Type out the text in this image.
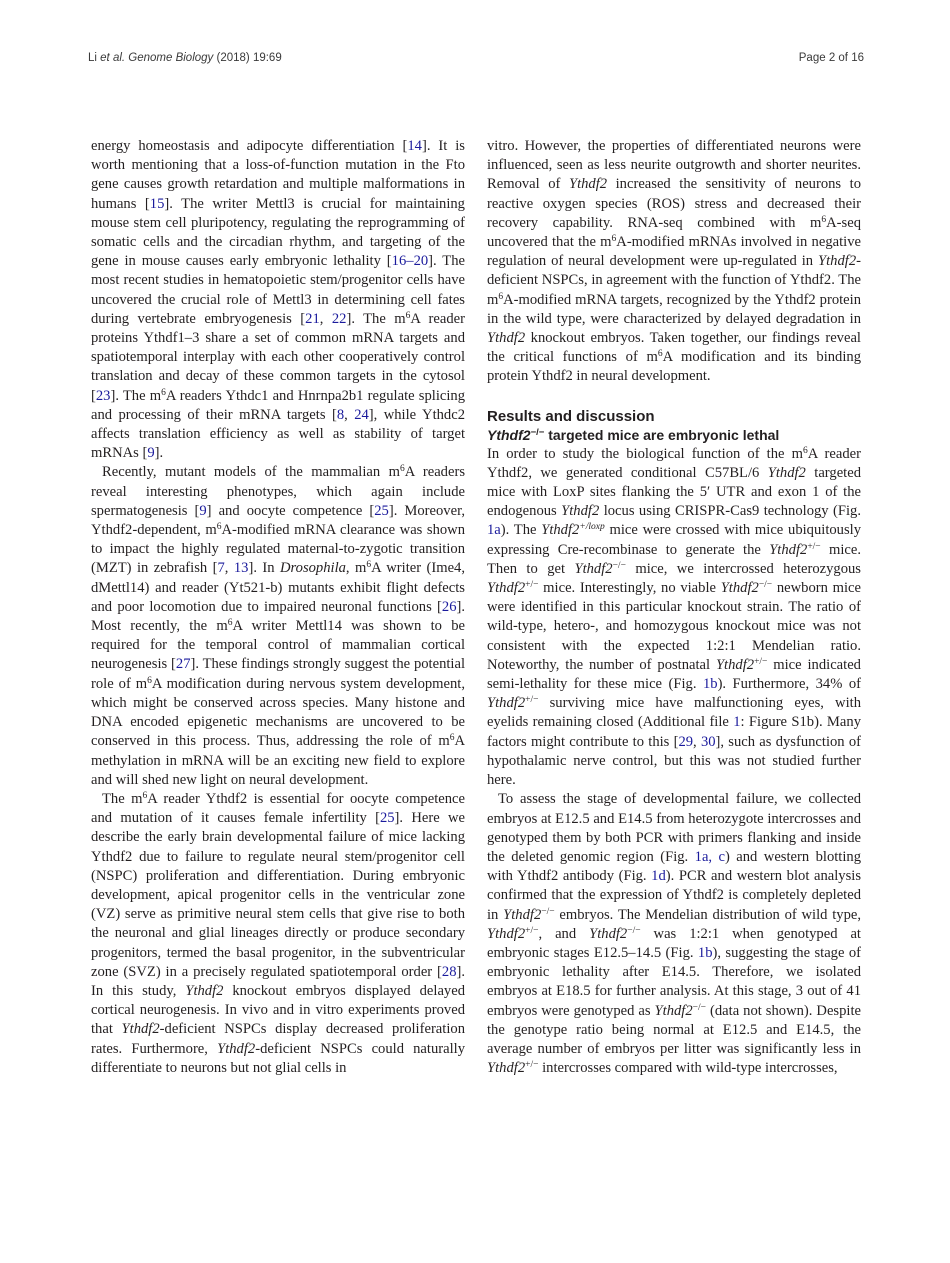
Li et al. Genome Biology (2018) 19:69	Page 2 of 16

energy homeostasis and adipocyte differentiation [14]. It is worth mentioning that a loss-of-function mutation in the Fto gene causes growth retardation and multiple malformations in humans [15]. The writer Mettl3 is crucial for maintaining mouse stem cell pluripotency, regulating the reprogramming of somatic cells and the circadian rhythm, and targeting of the gene in mouse causes early embryonic lethality [16–20]. The most recent studies in hematopoietic stem/progenitor cells have uncovered the crucial role of Mettl3 in determining cell fates during vertebrate embryogenesis [21, 22]. The $m^6A$ reader proteins Ythdf1–3 share a set of common mRNA targets and spatiotemporal interplay with each other cooperatively control translation and decay of these common targets in the cytosol [23]. The $m^6A$ readers Ythdc1 and Hnrnpa2b1 regulate splicing and processing of their mRNA targets [8, 24], while Ythdc2 affects translation efficiency as well as stability of target mRNAs [9].

Recently, mutant models of the mammalian $m^6A$ readers reveal interesting phenotypes, which again include spermatogenesis [9] and oocyte competence [25]. Moreover, Ythdf2-dependent, $m^6A$-modified mRNA clearance was shown to impact the highly regulated maternal-to-zygotic transition (MZT) in zebrafish [7, 13]. In Drosophila, $m^6A$ writer (Ime4, dMettl14) and reader (Yt521-b) mutants exhibit flight defects and poor locomotion due to impaired neuronal functions [26]. Most recently, the $m^6A$ writer Mettl14 was shown to be required for the temporal control of mammalian cortical neurogenesis [27]. These findings strongly suggest the potential role of $m^6A$ modification during nervous system development, which might be conserved across species. Many histone and DNA encoded epigenetic mechanisms are uncovered to be conserved in this process. Thus, addressing the role of $m^6A$ methylation in mRNA will be an exciting new field to explore and will shed new light on neural development.

The $m^6A$ reader Ythdf2 is essential for oocyte competence and mutation of it causes female infertility [25]. Here we describe the early brain developmental failure of mice lacking Ythdf2 due to failure to regulate neural stem/progenitor cell (NSPC) proliferation and differentiation. During embryonic development, apical progenitor cells in the ventricular zone (VZ) serve as primitive neural stem cells that give rise to both the neuronal and glial lineages directly or produce secondary progenitors, termed the basal progenitor, in the subventricular zone (SVZ) in a precisely regulated spatiotemporal order [28]. In this study, Ythdf2 knockout embryos displayed delayed cortical neurogenesis. In vivo and in vitro experiments proved that Ythdf2-deficient NSPCs display decreased proliferation rates. Furthermore, Ythdf2-deficient NSPCs could naturally differentiate to neurons but not glial cells in

vitro. However, the properties of differentiated neurons were influenced, seen as less neurite outgrowth and shorter neurites. Removal of Ythdf2 increased the sensitivity of neurons to reactive oxygen species (ROS) stress and decreased their recovery capability. RNA-seq combined with $m^6A$-seq uncovered that the $m^6A$-modified mRNAs involved in negative regulation of neural development were up-regulated in Ythdf2-deficient NSPCs, in agreement with the function of Ythdf2. The $m^6A$-modified mRNA targets, recognized by the Ythdf2 protein in the wild type, were characterized by delayed degradation in Ythdf2 knockout embryos. Taken together, our findings reveal the critical functions of $m^6A$ modification and its binding protein Ythdf2 in neural development.

Results and discussion
Ythdf2−/− targeted mice are embryonic lethal

In order to study the biological function of the $m^6A$ reader Ythdf2, we generated conditional C57BL/6 Ythdf2 targeted mice with LoxP sites flanking the 5′ UTR and exon 1 of the endogenous Ythdf2 locus using CRISPR-Cas9 technology (Fig. 1a). The $Ythdf2^{+/loxp}$ mice were crossed with mice ubiquitously expressing Cre-recombinase to generate the Ythdf2+/− mice. Then to get Ythdf2−/− mice, we intercrossed heterozygous Ythdf2+/− mice. Interestingly, no viable Ythdf2−/− newborn mice were identified in this particular knockout strain. The ratio of wild-type, hetero-, and homozygous knockout mice was not consistent with the expected 1:2:1 Mendelian ratio. Noteworthy, the number of postnatal Ythdf2+/− mice indicated semi-lethality for these mice (Fig. 1b). Furthermore, 34% of Ythdf2+/− surviving mice have malfunctioning eyes, with eyelids remaining closed (Additional file 1: Figure S1b). Many factors might contribute to this [29, 30], such as dysfunction of hypothalamic nerve control, but this was not studied further here.

To assess the stage of developmental failure, we collected embryos at E12.5 and E14.5 from heterozygote intercrosses and genotyped them by both PCR with primers flanking and inside the deleted genomic region (Fig. 1a, c) and western blotting with Ythdf2 antibody (Fig. 1d). PCR and western blot analysis confirmed that the expression of Ythdf2 is completely depleted in Ythdf2−/− embryos. The Mendelian distribution of wild type, Ythdf2+/−, and Ythdf2−/− was 1:2:1 when genotyped at embryonic stages E12.5–14.5 (Fig. 1b), suggesting the stage of embryonic lethality after E14.5. Therefore, we isolated embryos at E18.5 for further analysis. At this stage, 3 out of 41 embryos were genotyped as Ythdf2−/− (data not shown). Despite the genotype ratio being normal at E12.5 and E14.5, the average number of embryos per litter was significantly less in Ythdf2+/− intercrosses compared with wild-type intercrosses,
